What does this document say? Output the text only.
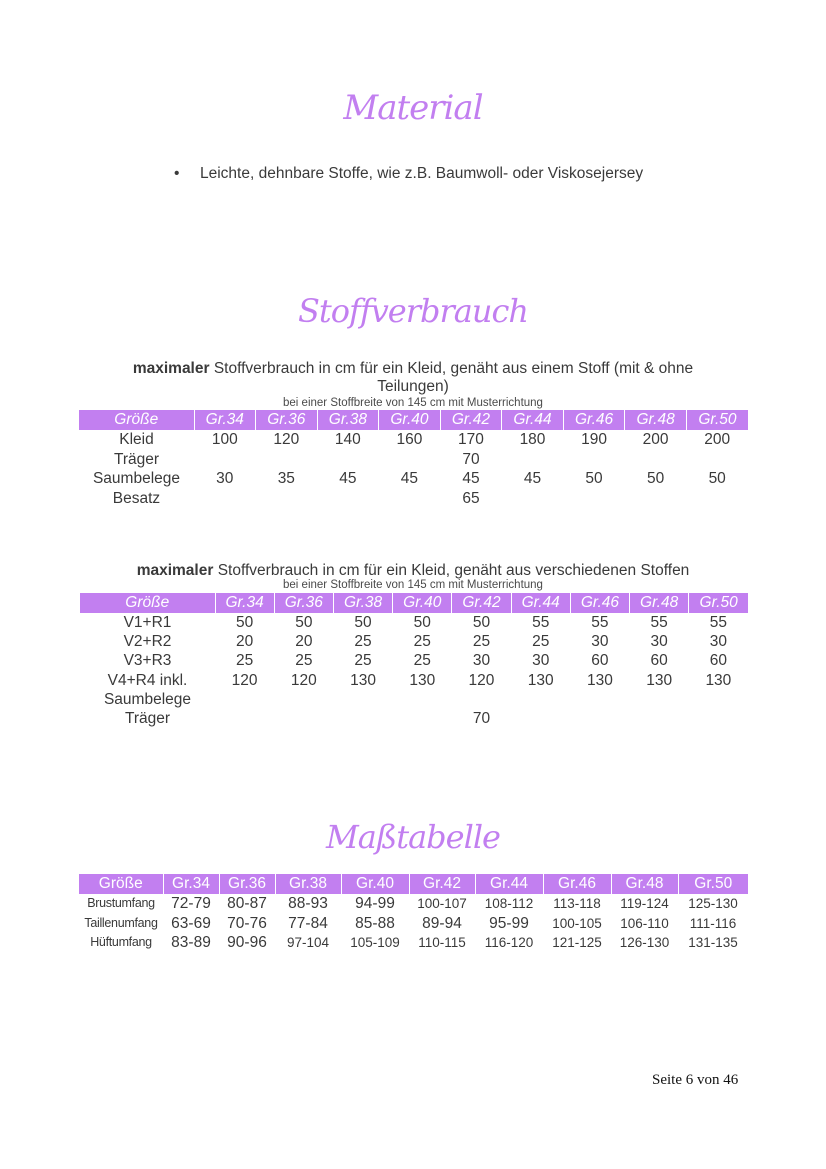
Material
• Leichte, dehnbare Stoffe, wie z.B. Baumwoll- oder Viskosejersey
Stoffverbrauch
maximaler Stoffverbrauch in cm für ein Kleid, genäht aus einem Stoff (mit & ohne Teilungen)
bei einer Stoffbreite von 145 cm mit Musterrichtung
Größe	Gr.34	Gr.36	Gr.38	Gr.40	Gr.42	Gr.44	Gr.46	Gr.48	Gr.50
Kleid	100	120	140	160	170	180	190	200	200
Träger					70				
Saumbelege	30	35	45	45	45	45	50	50	50
Besatz					65				
maximaler Stoffverbrauch in cm für ein Kleid, genäht aus verschiedenen Stoffen
bei einer Stoffbreite von 145 cm mit Musterrichtung
Größe	Gr.34	Gr.36	Gr.38	Gr.40	Gr.42	Gr.44	Gr.46	Gr.48	Gr.50
V1+R1	50	50	50	50	50	55	55	55	55
V2+R2	20	20	25	25	25	25	30	30	30
V3+R3	25	25	25	25	30	30	60	60	60
V4+R4 inkl.	120	120	130	130	120	130	130	130	130
Saumbelege									
Träger					70				
Maßtabelle
Größe	Gr.34	Gr.36	Gr.38	Gr.40	Gr.42	Gr.44	Gr.46	Gr.48	Gr.50
Brustumfang	72-79	80-87	88-93	94-99	100-107	108-112	113-118	119-124	125-130
Taillenumfang	63-69	70-76	77-84	85-88	89-94	95-99	100-105	106-110	111-116
Hüftumfang	83-89	90-96	97-104	105-109	110-115	116-120	121-125	126-130	131-135
Seite 6 von 46
